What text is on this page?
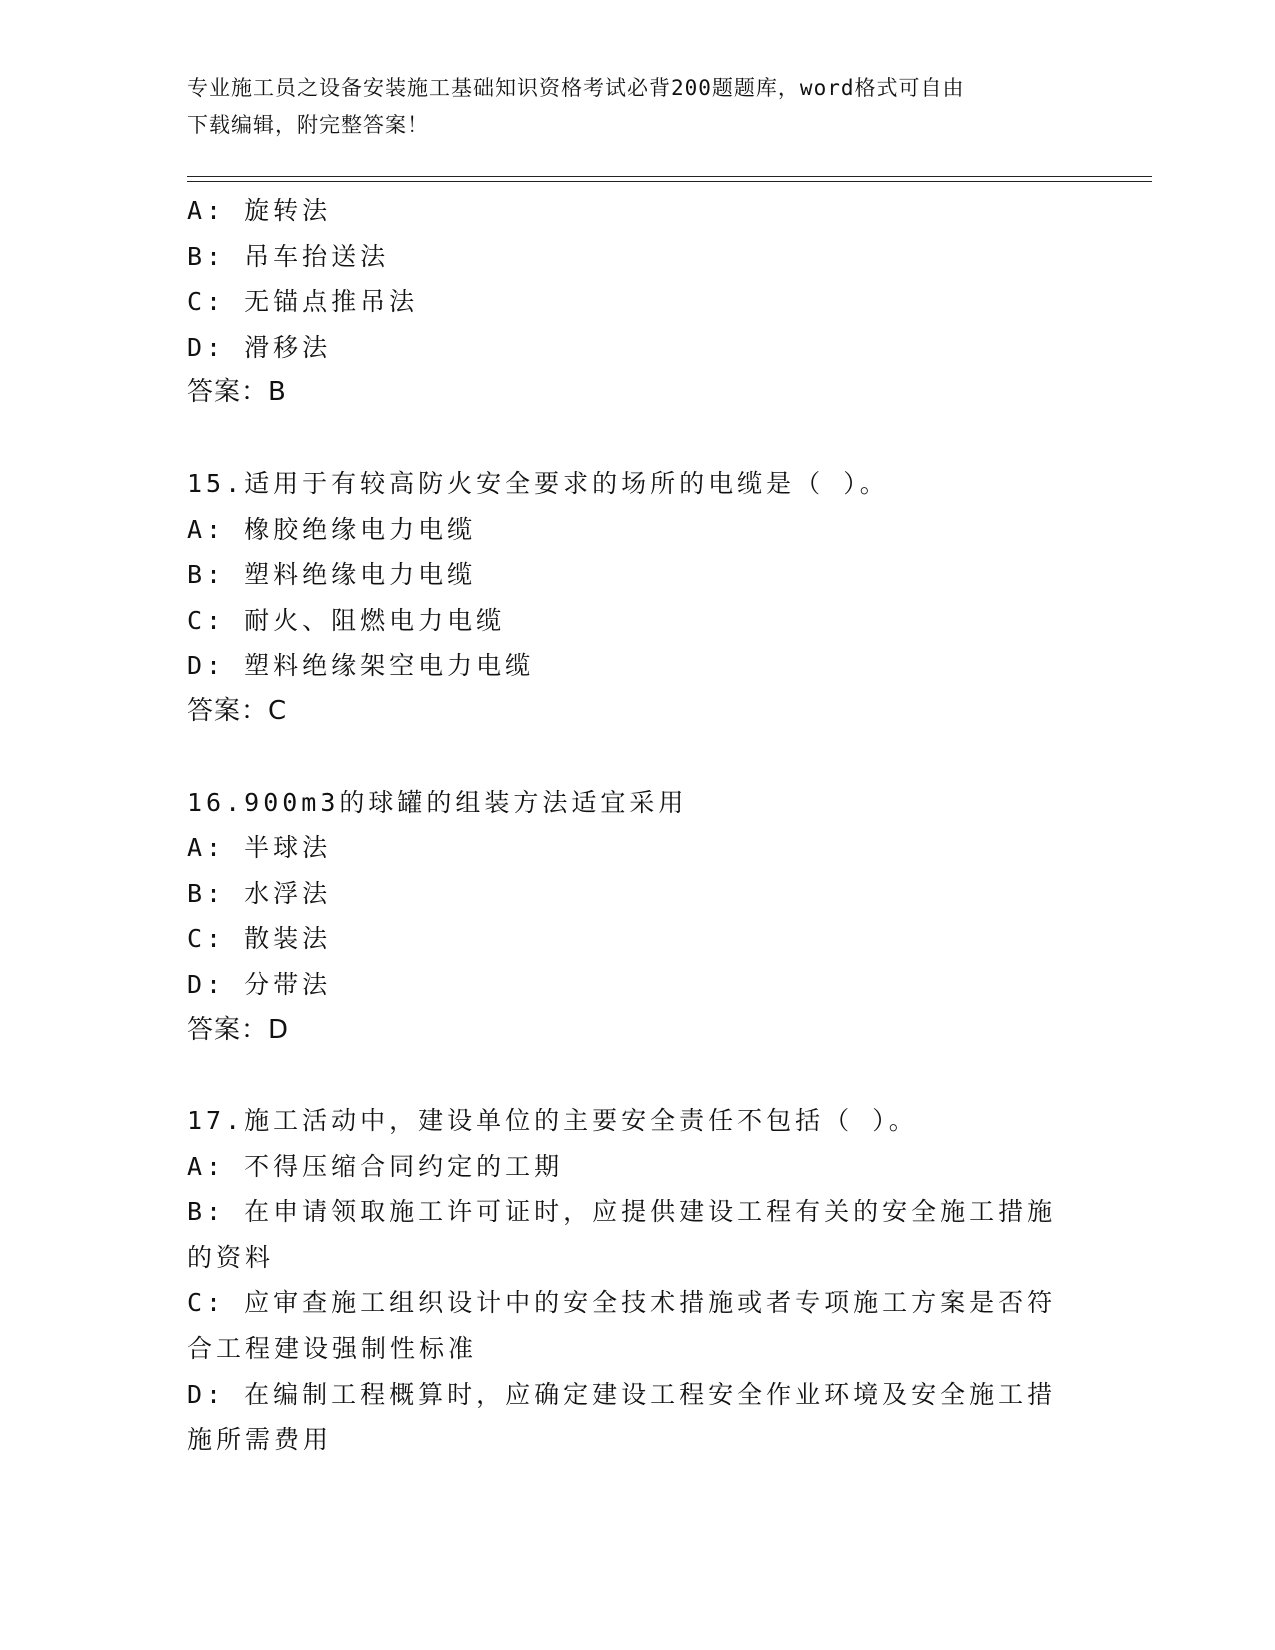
专业施工员之设备安装施工基础知识资格考试必背200题题库，word格式可自由
下载编辑，附完整答案！
A: 旋转法
B: 吊车抬送法
C: 无锚点推吊法
D: 滑移法
答案：B
15.适用于有较高防火安全要求的场所的电缆是（ ）。
A: 橡胶绝缘电力电缆
B: 塑料绝缘电力电缆
C: 耐火、阻燃电力电缆
D: 塑料绝缘架空电力电缆
答案：C
16.900m3的球罐的组装方法适宜采用
A: 半球法
B: 水浮法
C: 散装法
D: 分带法
答案：D
17.施工活动中，建设单位的主要安全责任不包括（ ）。
A: 不得压缩合同约定的工期
B: 在申请领取施工许可证时，应提供建设工程有关的安全施工措施的资料
C: 应审查施工组织设计中的安全技术措施或者专项施工方案是否符合工程建设强制性标准
D: 在编制工程概算时，应确定建设工程安全作业环境及安全施工措施所需费用
